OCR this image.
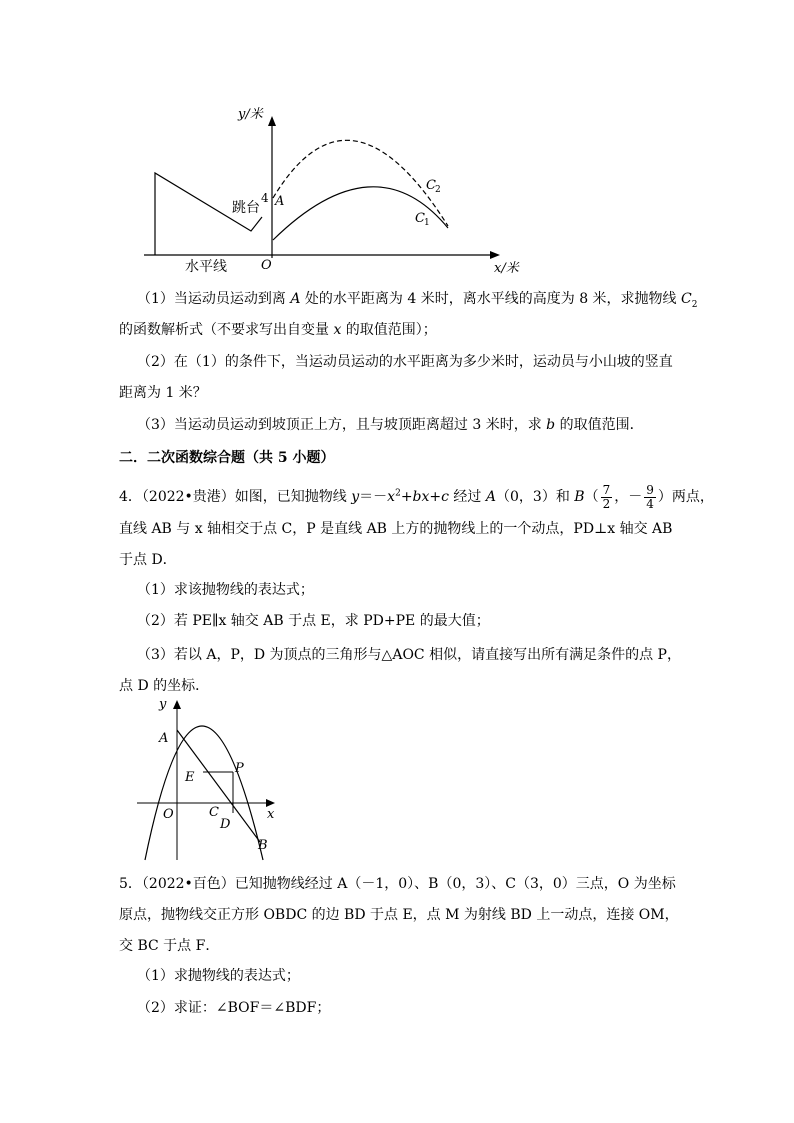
y/米
x/米
O
A
4
跳台
水平线
C 2
C 1
（1）当运动员运动到离 A 处的水平距离为 4 米时，离水平线的高度为 8 米，求抛物线 $C_2$
的函数解析式（不要求写出自变量 x 的取值范围）；
（2）在（1）的条件下，当运动员运动的水平距离为多少米时，运动员与小山坡的竖直
距离为 1 米？
（3）当运动员运动到坡顶正上方，且与坡顶距离超过 3 米时，求 b 的取值范围．
二．二次函数综合题（共 5 小题）
4．（2022•贵港）如图，已知抛物线 $y=-x^2+bx+c$ 经过 A（0，3）和 $B( \frac{7}{2}$ ，－ $\frac{9}{4}$ ）两点，
直线 AB 与 x 轴相交于点 C，P 是直线 AB 上方的抛物线上的一个动点，PD⊥x 轴交 AB
于点 D．
（1）求该抛物线的表达式；
（2）若 PE∥x 轴交 AB 于点 E，求 PD+PE 的最大值；
（3）若以 A，P，D 为顶点的三角形与△AOC 相似，请直接写出所有满足条件的点 P，
点 D 的坐标．
y
x
O
A
E
P
C
D
B
5．（2022•百色）已知抛物线经过 A（－1，0）、B（0，3）、C（3，0）三点，O 为坐标
原点，抛物线交正方形 OBDC 的边 BD 于点 E，点 M 为射线 BD 上一动点，连接 OM，
交 BC 于点 F．
（1）求抛物线的表达式；
（2）求证：∠BOF＝∠BDF；
